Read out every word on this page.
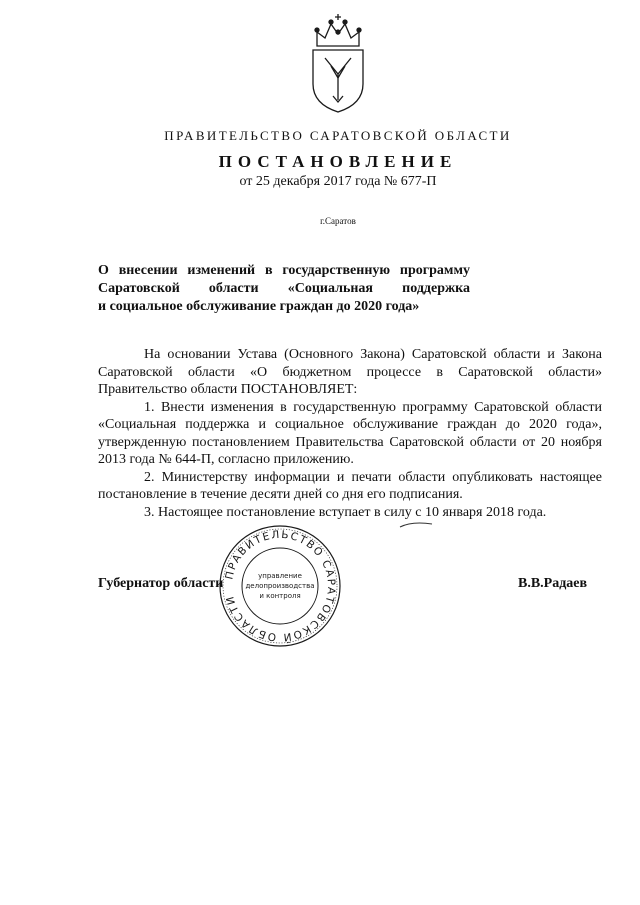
ПРАВИТЕЛЬСТВО САРАТОВСКОЙ ОБЛАСТИ
ПОСТАНОВЛЕНИЕ
от 25 декабря 2017 года № 677-П
г.Саратов
О внесении изменений в государственную программу
Саратовской области «Социальная поддержка
и социальное обслуживание граждан до 2020 года»

На основании Устава (Основного Закона) Саратовской области и Закона Саратовской области «О бюджетном процессе в Саратовской области» Правительство области ПОСТАНОВЛЯЕТ:

1. Внести изменения в государственную программу Саратовской области «Социальная поддержка и социальное обслуживание граждан до 2020 года», утвержденную постановлением Правительства Саратовской области от 20 ноября 2013 года № 644-П, согласно приложению.

2. Министерству информации и печати области опубликовать настоящее постановление в течение десяти дней со дня его подписания.

3. Настоящее постановление вступает в силу с 10 января 2018 года.

ПРАВИТЕЛЬСТВО САРАТОВСКОЙ ОБЛАСТИ
управление
делопроизводства
и контроля
Губернатор области	В.В.Радаев
